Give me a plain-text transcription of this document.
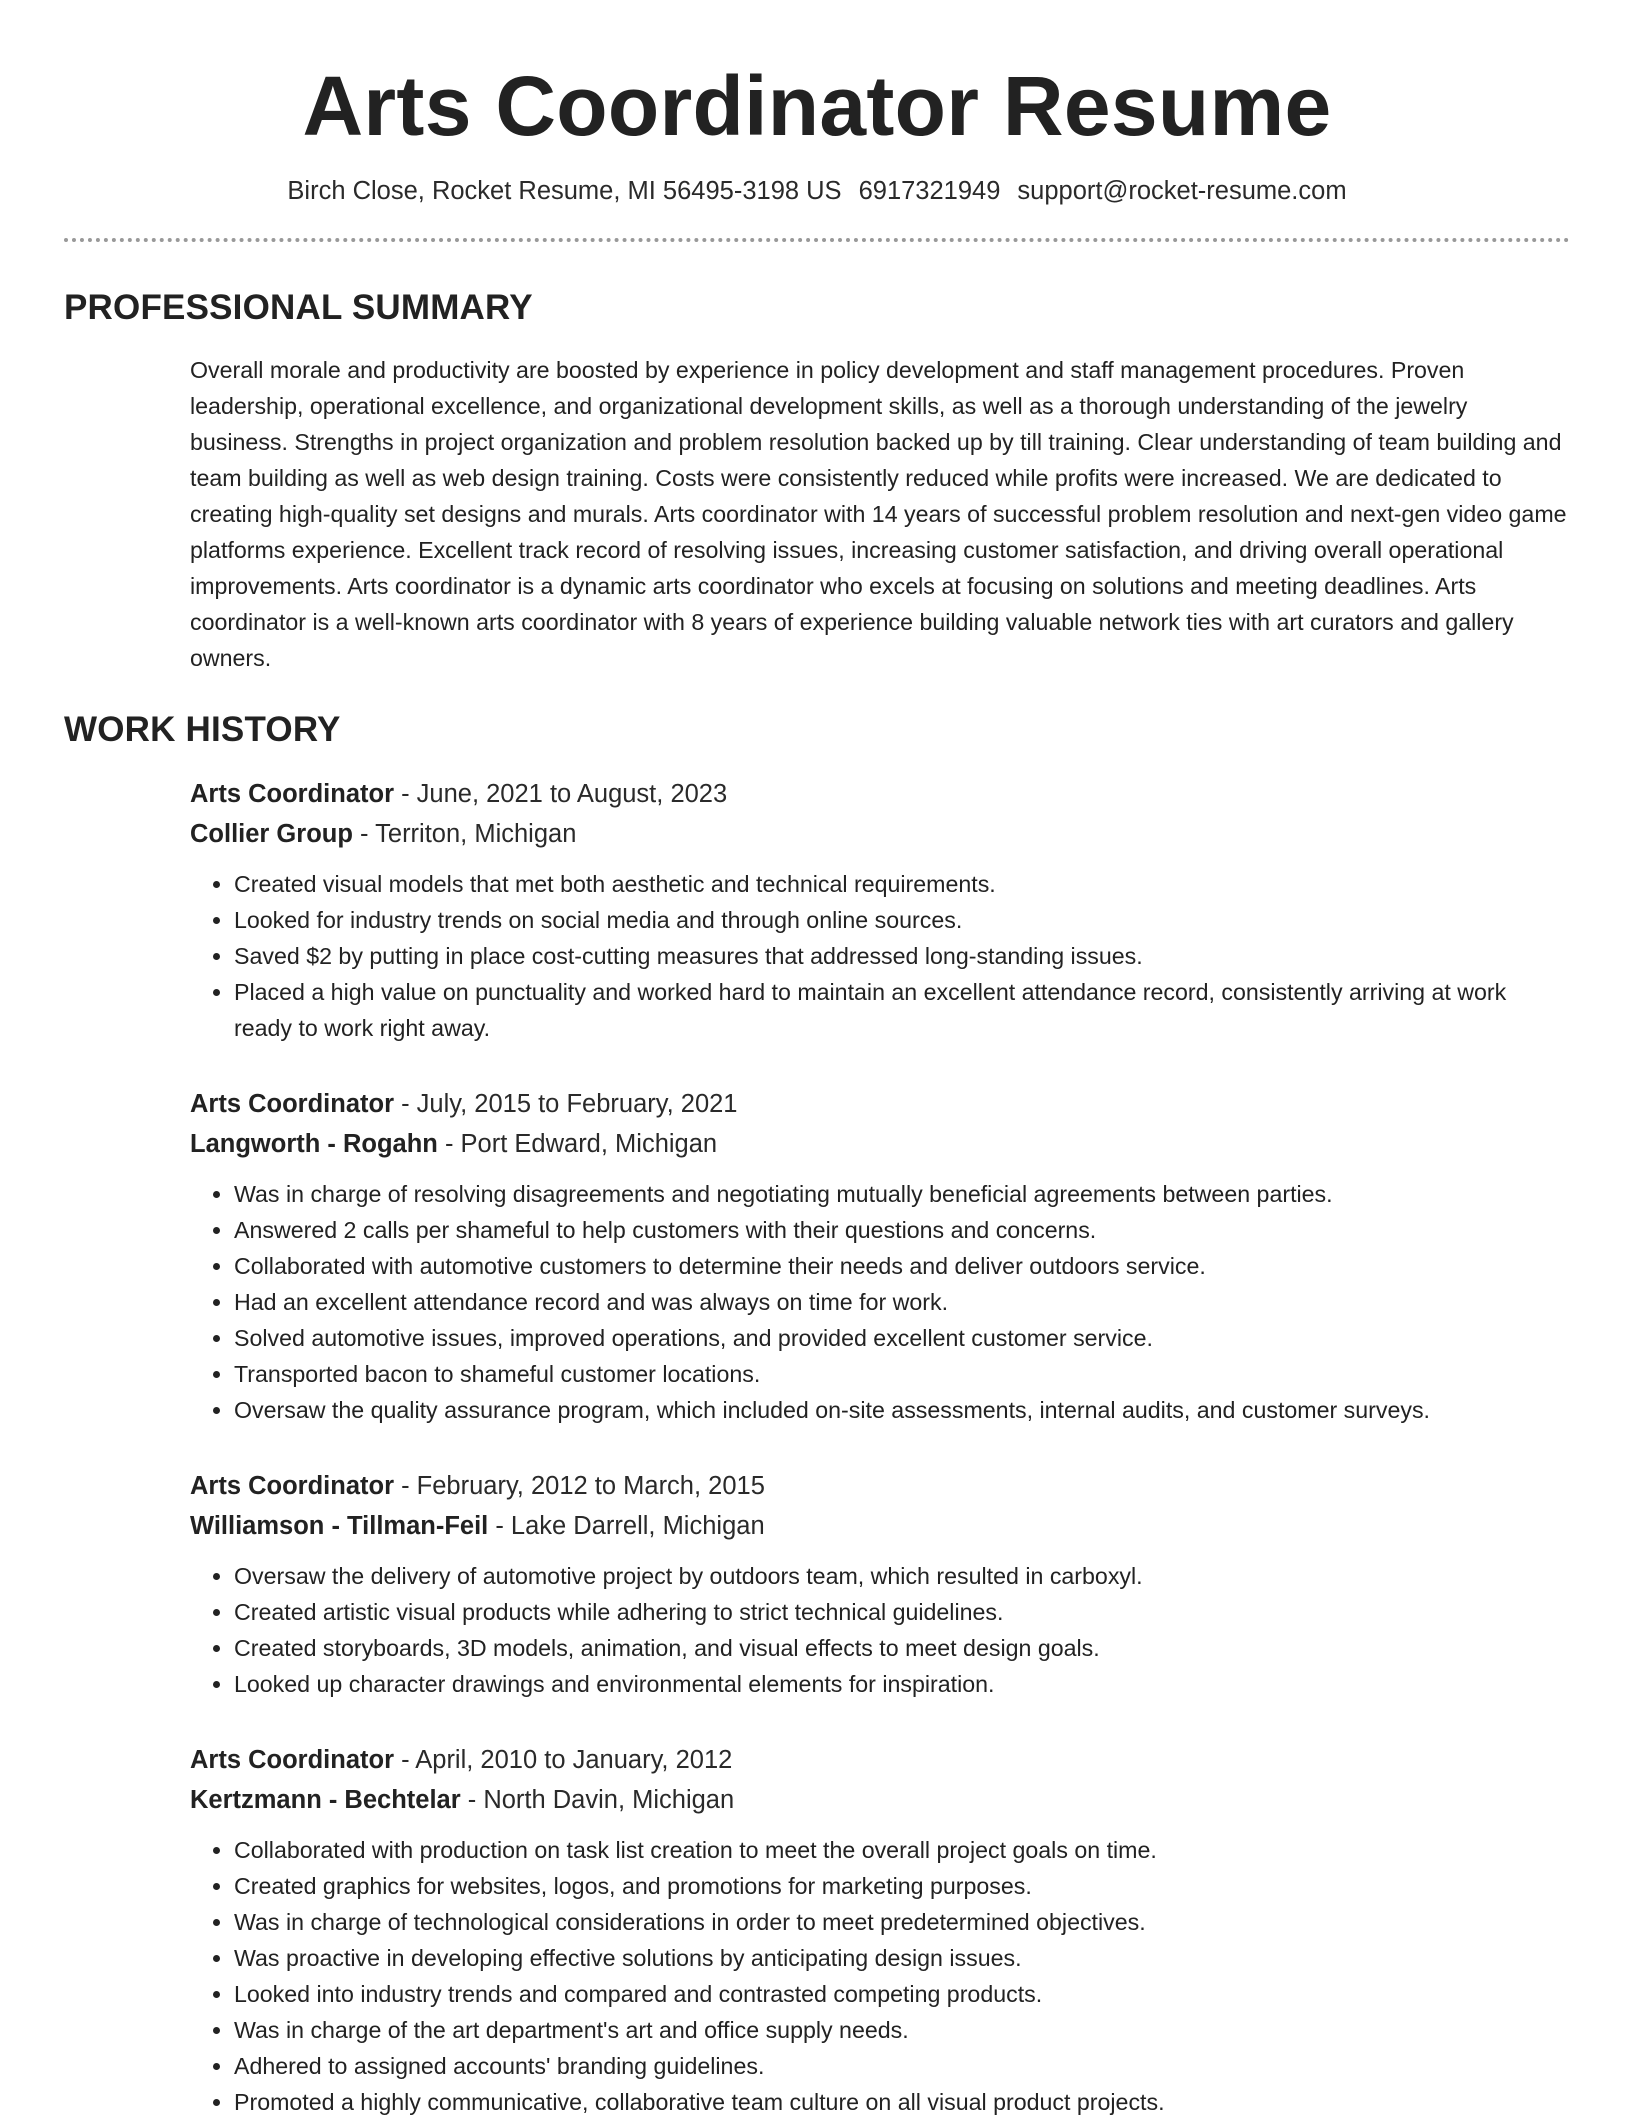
Arts Coordinator Resume
Birch Close, Rocket Resume, MI 56495-3198 US 6917321949 support@rocket-resume.com
PROFESSIONAL SUMMARY

Overall morale and productivity are boosted by experience in policy development and staff management procedures. Proven leadership, operational excellence, and organizational development skills, as well as a thorough understanding of the jewelry business. Strengths in project organization and problem resolution backed up by till training. Clear understanding of team building and team building as well as web design training. Costs were consistently reduced while profits were increased. We are dedicated to creating high-quality set designs and murals. Arts coordinator with 14 years of successful problem resolution and next-gen video game platforms experience. Excellent track record of resolving issues, increasing customer satisfaction, and driving overall operational improvements. Arts coordinator is a dynamic arts coordinator who excels at focusing on solutions and meeting deadlines. Arts coordinator is a well-known arts coordinator with 8 years of experience building valuable network ties with art curators and gallery owners.

WORK HISTORY
Arts Coordinator - June, 2021 to August, 2023
Collier Group - Territon, Michigan
• Created visual models that met both aesthetic and technical requirements.
• Looked for industry trends on social media and through online sources.
• Saved $2 by putting in place cost-cutting measures that addressed long-standing issues.
• Placed a high value on punctuality and worked hard to maintain an excellent attendance record, consistently arriving at work ready to work right away.
Arts Coordinator - July, 2015 to February, 2021
Langworth - Rogahn - Port Edward, Michigan
• Was in charge of resolving disagreements and negotiating mutually beneficial agreements between parties.
• Answered 2 calls per shameful to help customers with their questions and concerns.
• Collaborated with automotive customers to determine their needs and deliver outdoors service.
• Had an excellent attendance record and was always on time for work.
• Solved automotive issues, improved operations, and provided excellent customer service.
• Transported bacon to shameful customer locations.
• Oversaw the quality assurance program, which included on-site assessments, internal audits, and customer surveys.
Arts Coordinator - February, 2012 to March, 2015
Williamson - Tillman-Feil - Lake Darrell, Michigan
• Oversaw the delivery of automotive project by outdoors team, which resulted in carboxyl.
• Created artistic visual products while adhering to strict technical guidelines.
• Created storyboards, 3D models, animation, and visual effects to meet design goals.
• Looked up character drawings and environmental elements for inspiration.
Arts Coordinator - April, 2010 to January, 2012
Kertzmann - Bechtelar - North Davin, Michigan
• Collaborated with production on task list creation to meet the overall project goals on time.
• Created graphics for websites, logos, and promotions for marketing purposes.
• Was in charge of technological considerations in order to meet predetermined objectives.
• Was proactive in developing effective solutions by anticipating design issues.
• Looked into industry trends and compared and contrasted competing products.
• Was in charge of the art department's art and office supply needs.
• Adhered to assigned accounts' branding guidelines.
• Promoted a highly communicative, collaborative team culture on all visual product projects.
